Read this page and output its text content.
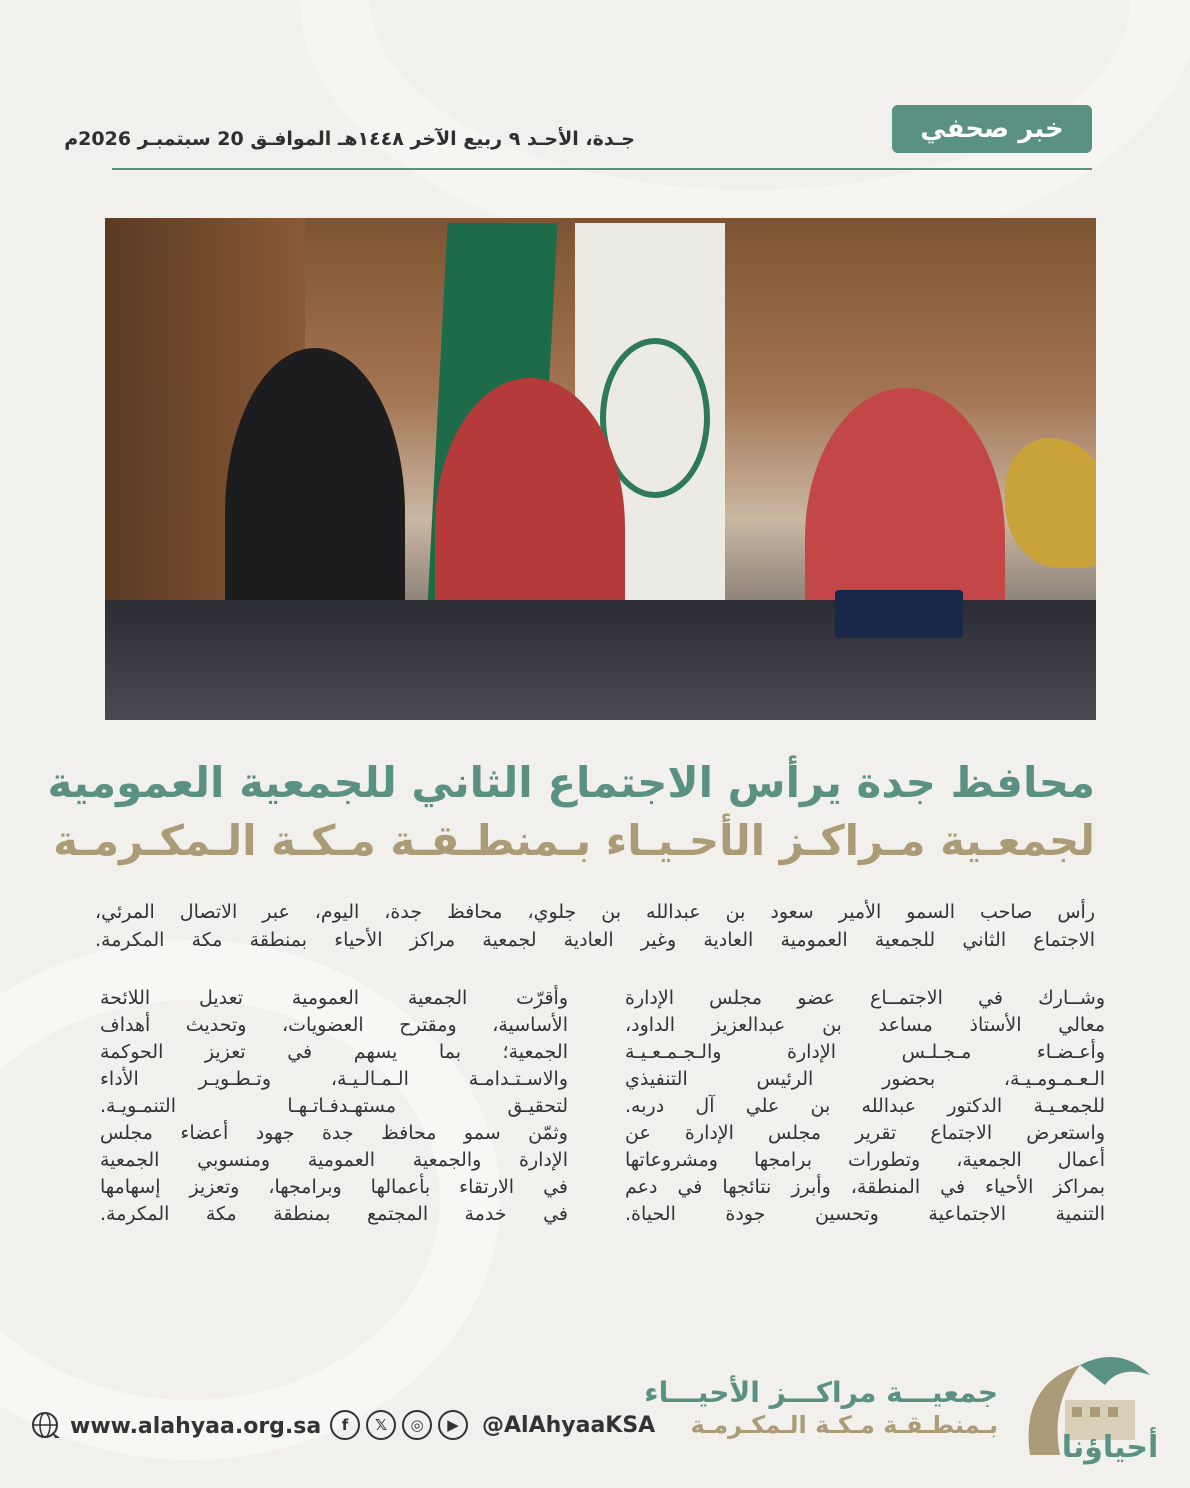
خبر صحفي
جـدة، الأحـد ٩ ربيع الآخر ١٤٤٨هـ الموافـق 20 سبتمبـر 2026م
محافظ جدة يرأس الاجتماع الثاني للجمعية العمومية
لجمعـية مـراكـز الأحـيـاء بـمنطـقـة مـكـة الـمكـرمـة

رأس صاحب السمو الأمير سعود بن عبدالله بن جلوي، محافظ جدة، اليوم، عبر الاتصال المرئي،

الاجتماع الثاني للجمعية العمومية العادية وغير العادية لجمعية مراكز الأحياء بمنطقة مكة المكرمة.

وشــارك في الاجتمــاع عضو مجلس الإدارة

معالي الأستاذ مساعد بن عبدالعزيز الداود،

وأعـضـاء مـجـلـس الإدارة والـجـمـعـيـة

الـعـمـومـيـة، بحضور الرئيس التنفيذي

للجمعـيـة الدكتور عبدالله بن علي آل دربه.

واستعرض الاجتماع تقرير مجلس الإدارة عن

أعمال الجمعية، وتطورات برامجها ومشروعاتها

بمراكز الأحياء في المنطقة، وأبرز نتائجها في دعم

التنمية الاجتماعية وتحسين جودة الحياة.

وأقرّت الجمعية العمومية تعديل اللائحة

الأساسية، ومقترح العضويات، وتحديث أهداف

الجمعية؛ بما يسهم في تعزيز الحوكمة

والاسـتـدامـة الـمـالـيـة، وتـطـويـر الأداء

لتحقيـق مستهـدفـاتـهـا التنمـويـة.

وثمّن سمو محافظ جدة جهود أعضاء مجلس

الإدارة والجمعية العمومية ومنسوبي الجمعية

في الارتقاء بأعمالها وبرامجها، وتعزيز إسهامها

في خدمة المجتمع بمنطقة مكة المكرمة.

أحياؤنا
جمعيـــة مراكـــز الأحيـــاء
بـمنطـقـة مـكـة الـمكـرمـة
f	𝕏	◎	▶	@AlAhyaaKSA
www.alahyaa.org.sa
